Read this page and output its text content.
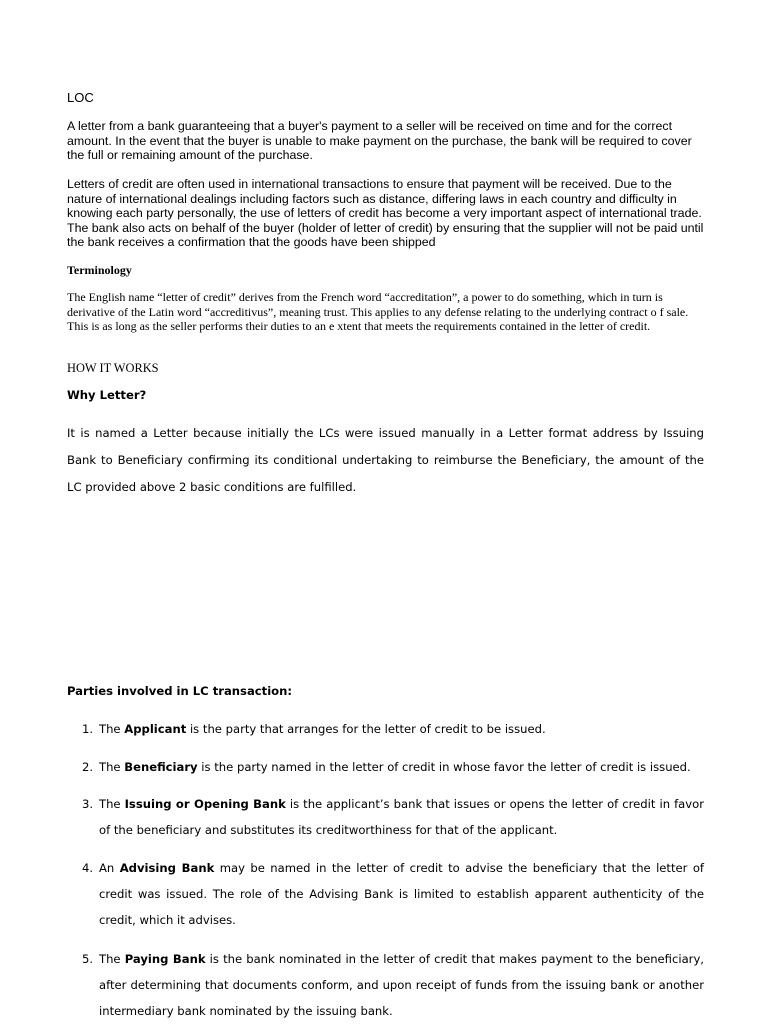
LOC

A letter from a bank guaranteeing that a buyer's payment to a seller will be received on time and for the correct amount. In the event that the buyer is unable to make payment on the purchase, the bank will be required to cover the full or remaining amount of the purchase.

Letters of credit are often used in international transactions to ensure that payment will be received. Due to the nature of international dealings including factors such as distance, differing laws in each country and difficulty in knowing each party personally, the use of letters of credit has become a very important aspect of international trade. The bank also acts on behalf of the buyer (holder of letter of credit) by ensuring that the supplier will not be paid until the bank receives a confirmation that the goods have been shipped

Terminology

The English name “letter of credit” derives from the French word “accreditation”, a power to do something, which in turn is derivative of the Latin word “accreditivus”, meaning trust. This applies to any defense relating to the underlying contract o f sale. This is as long as the seller performs their duties to an e xtent that meets the requirements contained in the letter of credit.

HOW IT WORKS

Why Letter?

It is named a Letter because initially the LCs were issued manually in a Letter format address by Issuing Bank to Beneficiary confirming its conditional undertaking to reimburse the Beneficiary, the amount of the LC provided above 2 basic conditions are fulfilled.

Parties involved in LC transaction:

1. The Applicant is the party that arranges for the letter of credit to be issued.
2. The Beneficiary is the party named in the letter of credit in whose favor the letter of credit is issued.
3. The Issuing or Opening Bank is the applicant’s bank that issues or opens the letter of credit in favor of the beneficiary and substitutes its creditworthiness for that of the applicant.
4. An Advising Bank may be named in the letter of credit to advise the beneficiary that the letter of credit was issued. The role of the Advising Bank is limited to establish apparent authenticity of the credit, which it advises.
5. The Paying Bank is the bank nominated in the letter of credit that makes payment to the beneficiary, after determining that documents conform, and upon receipt of funds from the issuing bank or another intermediary bank nominated by the issuing bank.
